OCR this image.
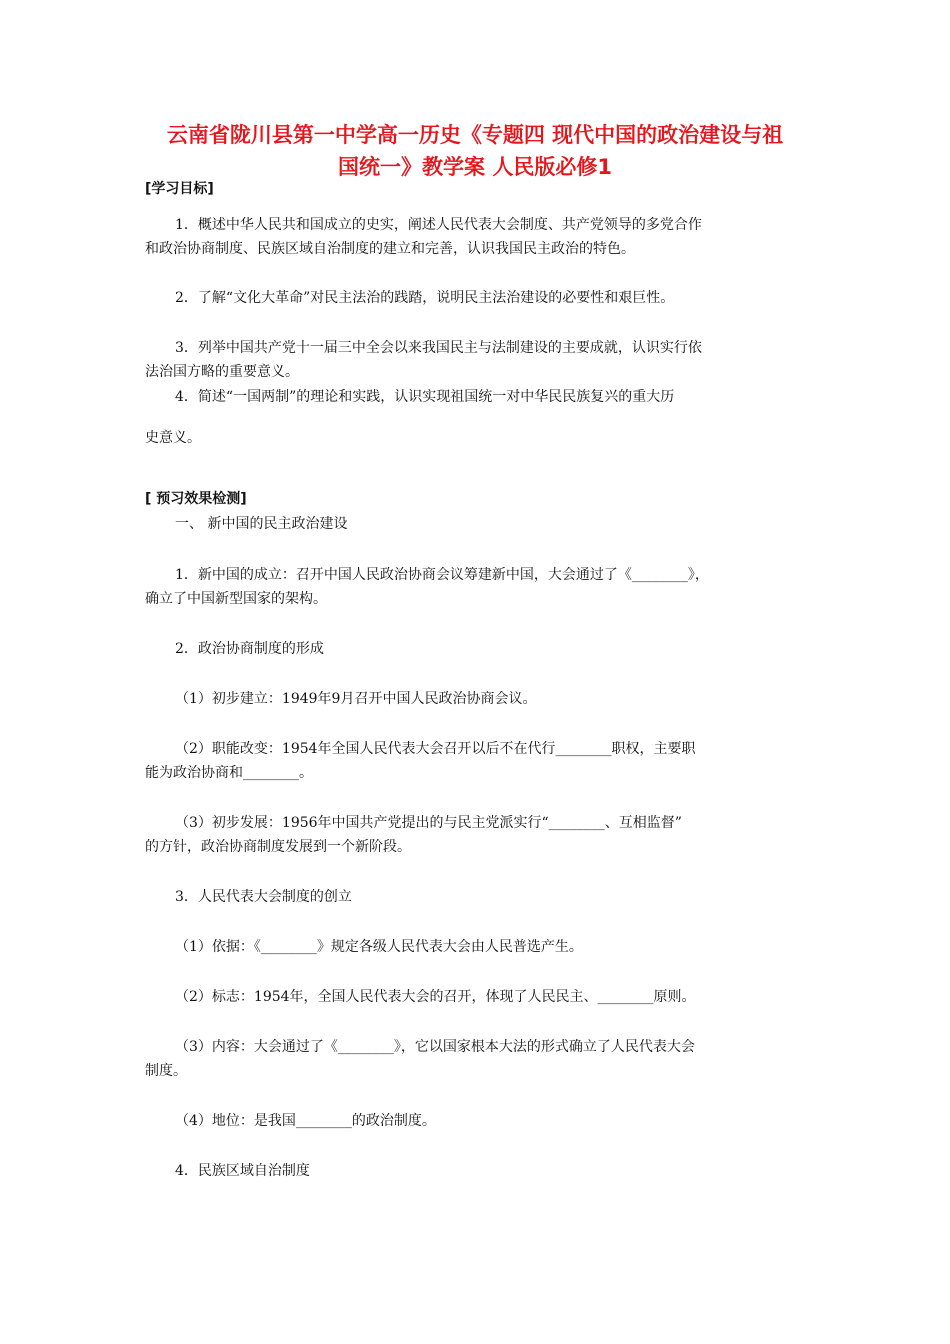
云南省陇川县第一中学高一历史《专题四 现代中国的政治建设与祖
国统一》教学案 人民版必修1

[学习目标]

1．概述中华人民共和国成立的史实，阐述人民代表大会制度、共产党领导的多党合作

和政治协商制度、民族区域自治制度的建立和完善，认识我国民主政治的特色。

2．了解“文化大革命”对民主法治的践踏，说明民主法治建设的必要性和艰巨性。

3．列举中国共产党十一届三中全会以来我国民主与法制建设的主要成就，认识实行依

法治国方略的重要意义。

4．简述“一国两制”的理论和实践，认识实现祖国统一对中华民民族复兴的重大历

史意义。

[ 预习效果检测]

一、 新中国的民主政治建设

1．新中国的成立：召开中国人民政治协商会议筹建新中国，大会通过了《________》，

确立了中国新型国家的架构。

2．政治协商制度的形成

（1）初步建立：1949年9月召开中国人民政治协商会议。

（2）职能改变：1954年全国人民代表大会召开以后不在代行________职权，主要职

能为政治协商和________。

（3）初步发展：1956年中国共产党提出的与民主党派实行“________、互相监督”

的方针，政治协商制度发展到一个新阶段。

3．人民代表大会制度的创立

（1）依据：《________》规定各级人民代表大会由人民普选产生。

（2）标志：1954年，全国人民代表大会的召开，体现了人民民主、________原则。

（3）内容：大会通过了《________》，它以国家根本大法的形式确立了人民代表大会

制度。

（4）地位：是我国________的政治制度。

4．民族区域自治制度
